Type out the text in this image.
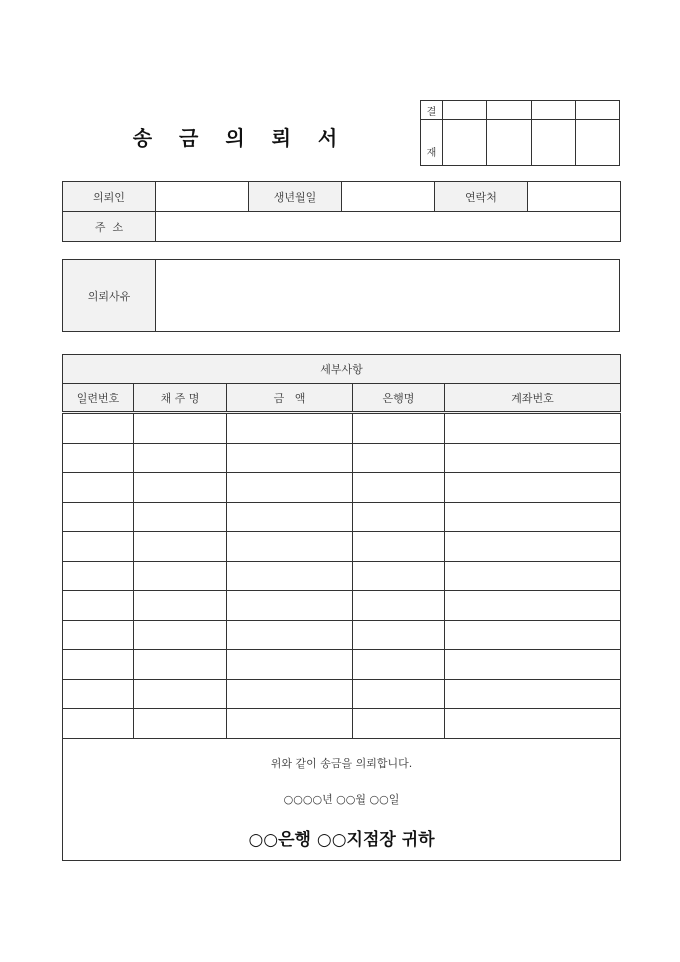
송 금 의 뢰 서
결				
재				
의뢰인		생년월일		연락처	
주  소					
의뢰사유	
세부사항				
일련번호	채 주 명	금   액	은행명	계좌번호

위와 같이 송금을 의뢰합니다.
○○○○년 ○○월 ○○일
○○은행 ○○지점장 귀하				
